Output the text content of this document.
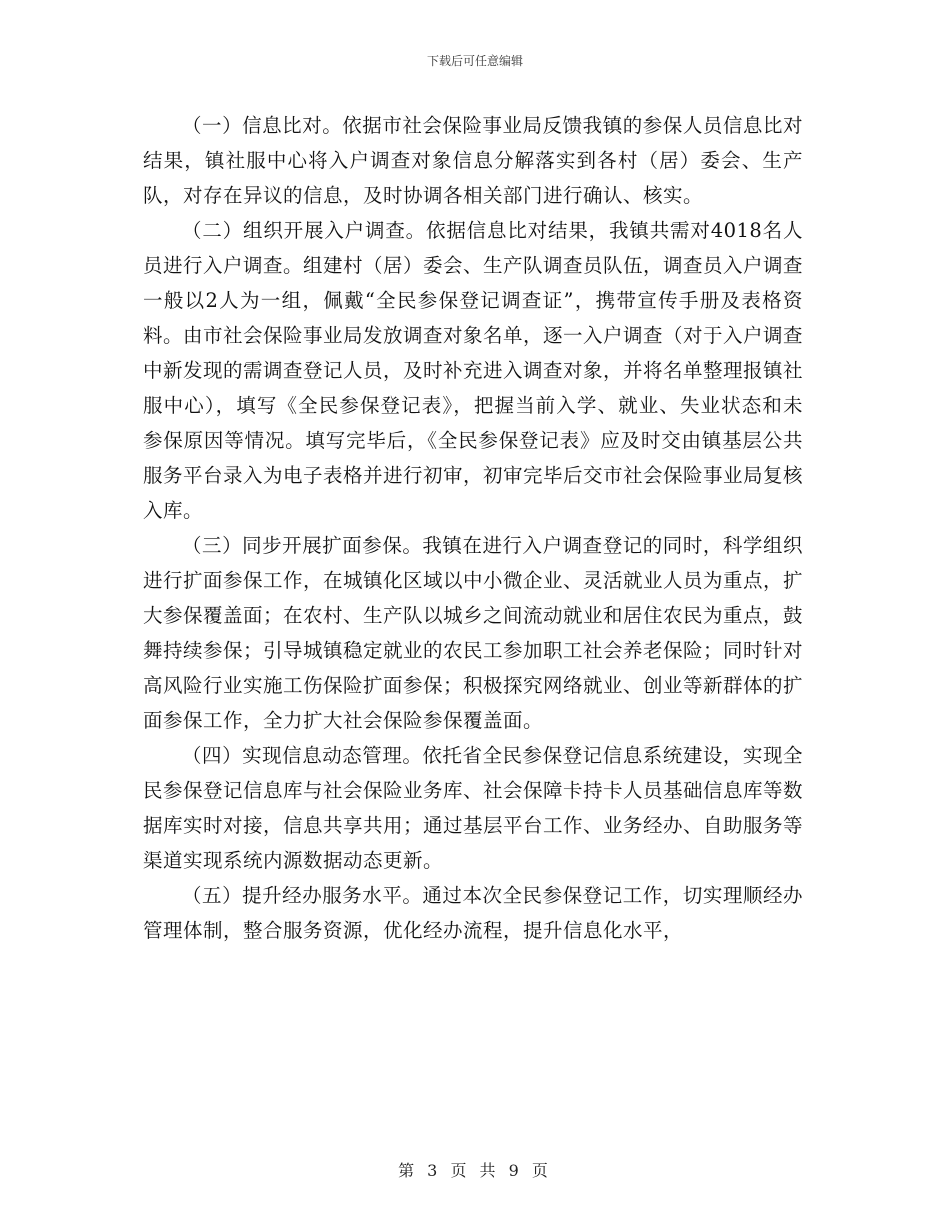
下载后可任意编辑

（一）信息比对。依据市社会保险事业局反馈我镇的参保人员信息比对结果，镇社服中心将入户调查对象信息分解落实到各村（居）委会、生产队，对存在异议的信息，及时协调各相关部门进行确认、核实。

（二）组织开展入户调查。依据信息比对结果，我镇共需对4018名人员进行入户调查。组建村（居）委会、生产队调查员队伍，调查员入户调查一般以2人为一组，佩戴“全民参保登记调查证”，携带宣传手册及表格资料。由市社会保险事业局发放调查对象名单，逐一入户调查（对于入户调查中新发现的需调查登记人员，及时补充进入调查对象，并将名单整理报镇社服中心），填写《全民参保登记表》，把握当前入学、就业、失业状态和未参保原因等情况。填写完毕后，《全民参保登记表》应及时交由镇基层公共服务平台录入为电子表格并进行初审，初审完毕后交市社会保险事业局复核入库。

（三）同步开展扩面参保。我镇在进行入户调查登记的同时，科学组织进行扩面参保工作，在城镇化区域以中小微企业、灵活就业人员为重点，扩大参保覆盖面；在农村、生产队以城乡之间流动就业和居住农民为重点，鼓舞持续参保；引导城镇稳定就业的农民工参加职工社会养老保险；同时针对高风险行业实施工伤保险扩面参保；积极探究网络就业、创业等新群体的扩面参保工作，全力扩大社会保险参保覆盖面。

（四）实现信息动态管理。依托省全民参保登记信息系统建设，实现全民参保登记信息库与社会保险业务库、社会保障卡持卡人员基础信息库等数据库实时对接，信息共享共用；通过基层平台工作、业务经办、自助服务等渠道实现系统内源数据动态更新。

（五）提升经办服务水平。通过本次全民参保登记工作，切实理顺经办管理体制，整合服务资源，优化经办流程，提升信息化水平，

第 3 页 共 9 页
